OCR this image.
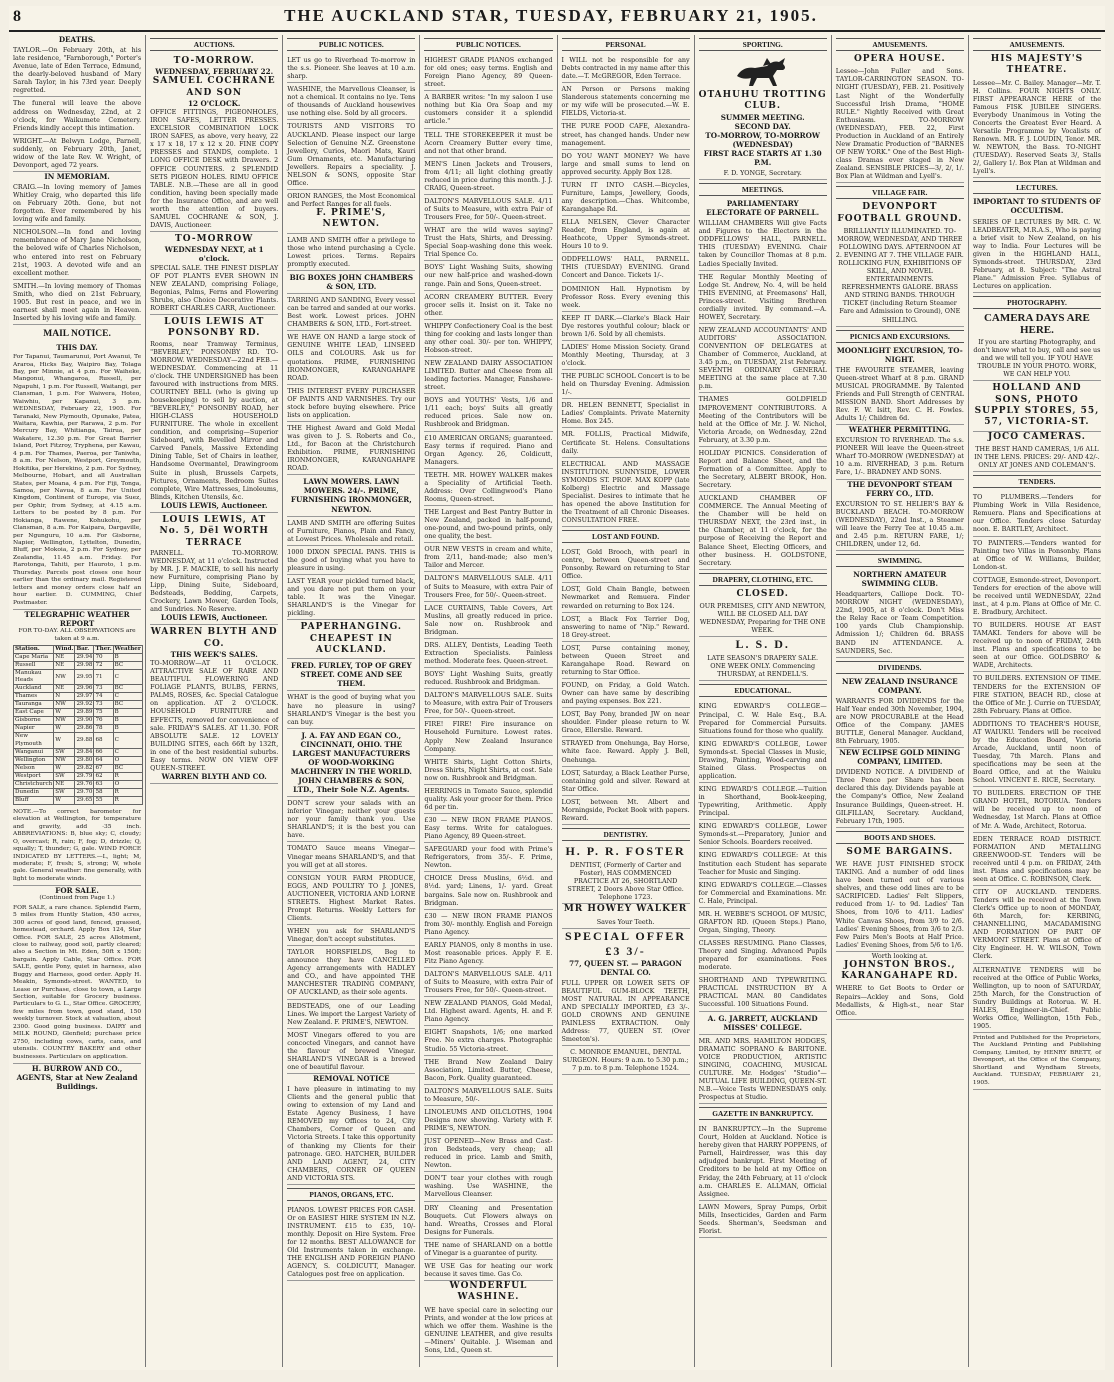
8	THE AUCKLAND STAR, TUESDAY, FEBRUARY 21, 1905.
DEATHS.
TAYLOR.—On February 20th, at his late residence, "Farnborough," Porter's Avenue, late of Eden Terrace, Edmund, the dearly-beloved husband of Mary Sarah Taylor, in his 73rd year. Deeply regretted.
The funeral will leave the above address on Wednesday, 22nd, at 2 o'clock, for Waikumete Cemetery. Friends kindly accept this intimation.
WRIGHT.—At Belwyn Lodge, Parnell, suddenly, on February 20th, Janet, widow of the late Rev. W. Wright, of Devonport, aged 72 years.
IN MEMORIAM.
CRAIG.—In loving memory of James Whitley Craig, who departed this life on February 20th. Gone, but not forgotten. Ever remembered by his loving wife and family.
NICHOLSON.—In fond and loving remembrance of Mary Jane Nicholson, the beloved wife of Charles Nicholson, who entered into rest on February 21st, 1903. A devoted wife and an excellent mother.
SMITH.—In loving memory of Thomas Smith, who died on 21st February, 1905. But rest in peace, and we in earnest shall meet again in Heaven. Inserted by his loving wife and family.
MAIL NOTICE.
THIS DAY.
For Tapanui, Taumarunui, Port Awanui, Te Araroa, Hicks Bay, Waipiro Bay, Tolaga Bay, per Minnie, at 4 p.m. For Waiheke, Mangonui, Whangaroa, Russell, per Ngapuhi, 1 p.m. For Russell, Waitangi, per Clansman, 1 p.m. For Waiwera, Hoteo, Waiwhiu, per Kapanui, 3 p.m. WEDNESDAY, February 22, 1905. For Taranaki, New Plymouth, Opunake, Patea, Waitara, Kawhia, per Rarawa, 2 p.m. For Mercury Bay, Whitianga, Tairua, per Wakatere, 12.30 p.m. For Great Barrier Island, Port Fitzroy, Tryphena, per Kawau, 4 p.m. For Thames, Paeroa, per Taniwha, 8 a.m. For Nelson, Westport, Greymouth, Hokitika, per Herekino, 2 p.m. For Sydney, Melbourne, Hobart, and all Australian States, per Moana, 4 p.m. For Fiji, Tonga, Samoa, per Navua, 8 a.m. For United Kingdom, Continent of Europe, via Suez, per Ophir, from Sydney, at 4.15 a.m. Letters to be posted by 8 p.m. For Hokianga, Rawene, Kohukohu, per Clansman, 8 a.m. For Kaipara, Dargaville, per Ngunguru, 10 a.m. For Gisborne, Napier, Wellington, Lyttelton, Dunedin, Bluff, per Mokoia, 2 p.m. For Sydney, per Zealandia, 11.45 a.m. Friday. For Rarotonga, Tahiti, per Hauroto, 1 p.m. Thursday. Parcels post closes one hour earlier than the ordinary mail. Registered letters and money orders close half an hour earlier. D. CUMMING, Chief Postmaster.
TELEGRAPHIC WEATHER REPORT
FOR TO-DAY. ALL OBSERVATIONS are taken at 9 a.m.
Station.	Wind.	Bar.	Ther.	Weather
Cape Maria	NE	29.94	70	B
Russell	NE	29.98	72	BC
Manukau Heads	NW	29.95	71	C
Auckland	NE	29.96	73	BC
Thames	N	29.97	74	C
Tauranga	NW	29.92	73	BC
East Cape	W	29.89	75	B
Gisborne	NW	29.90	76	B
Napier	W	29.86	78	B
New Plymouth	W	29.88	68	C
Wanganui	SW	29.84	66	C
Wellington	NW	29.80	64	O
Nelson	W	29.82	67	BC
Westport	SW	29.79	62	R
Christchurch	NE	29.76	63	O
Dunedin	SW	29.70	58	R
Bluff	W	29.65	55	R
NOTE.—To correct barometer for elevation at Wellington, for temperature and gravity, add ·35 inch. ABBREVIATIONS: B, blue sky; C, cloudy; O, overcast; R, rain; F, fog; D, drizzle; Q, squally; T, thunder; G, gale. WIND FORCE INDICATED BY LETTERS.—L, light; M, moderate; F, fresh; S, strong; W, whole gale. General weather: fine generally, with light to moderate winds.
FOR SALE.
(Continued from Page 1.)
FOR SALE, a rare chance. Splendid Farm, 5 miles from Huntly Station, 450 acres, 300 acres of good land, fenced, grassed, homestead, orchard. Apply Box 124, Star Office. FOR SALE, 25 acres Allotment, close to railway, good soil, partly cleared; also a Section in Mt. Eden, 50ft x 150ft; bargain. Apply Cable, Star Office. FOR SALE, gentle Pony, quiet in harness, also Buggy and Harness, good order. Apply H. Meakin, Symonds-street. WANTED, to Lease or Purchase, close to town, a Large Section, suitable for Grocery business. Particulars to G. L., Star Office. GROCERY, few miles from town, good stand, 150 weekly turnover. Stock at valuation, about 2300. Good going business. DAIRY and MILK ROUND, Glenfield; purchase price 2750, including cows, carts, cans, and utensils. COUNTRY BAKERY and other businesses. Particulars on application.
H. BURROW AND CO., AGENTS, Star at New Zealand Buildings.
AUCTIONS.
TO-MORROW.
WEDNESDAY, FEBRUARY 22.
SAMUEL COCHRANE AND SON
12 O'CLOCK.
OFFICE FITTINGS, PIGEONHOLES, IRON SAFES, LETTER PRESSES. EXCELSIOR COMBINATION LOCK IRON SAFES, as above, very heavy, 22 x 17 x 18, 17 x 12 x 20. FINE COPY PRESSES and STANDS, complete. 1 LONG OFFICE DESK with Drawers. 2 OFFICE COUNTERS. 2 SPLENDID SETS PIGEON HOLES. RIMU OFFICE TABLE. N.B.—These are all in good condition, having been specially made for the Insurance Office, and are well worth the attention of buyers. SAMUEL COCHRANE & SON, J. DAVIS, Auctioneer.
TO-MORROW
WEDNESDAY NEXT, at 1 o'clock.
SPECIAL SALE. THE FINEST DISPLAY OF POT PLANTS EVER SHOWN IN NEW ZEALAND, comprising Foliage, Begonias, Palms, Ferns and Flowering Shrubs, also Choice Decorative Plants. ROBERT CHARLES CARR, Auctioneer.
LOUIS LEWIS AT PONSONBY RD.
Rooms, near Tramway Terminus, "BEVERLEY," PONSONBY RD. TO-MORROW. WEDNESDAY—22nd FEB.—WEDNESDAY. Commencing at 11 o'clock. THE UNDERSIGNED has been favoured with instructions from MRS. COURTNEY BELL (who is giving up housekeeping) to sell by auction, at "BEVERLEY," PONSONBY ROAD, her HIGH-CLASS HOUSEHOLD FURNITURE. The whole in excellent condition, and comprising—Superior Sideboard, with Bevelled Mirror and Carved Panels, Massive Extending Dining Table, Set of Chairs in leather, Handsome Overmantel, Drawingroom Suite in plush, Brussels Carpets, Pictures, Ornaments, Bedroom Suites complete, Wire Mattresses, Linoleums, Blinds, Kitchen Utensils, &c.
LOUIS LEWIS, Auctioneer.
LOUIS LEWIS, AT No. 5, Dël WORTH TERRACE
PARNELL. TO-MORROW. WEDNESDAY, at 11 o'clock. Instructed by MR. J. F. MACKIE, to sell his nearly new Furniture, comprising Piano by Lipp, Dining Suite, Sideboard, Bedsteads, Bedding, Carpets, Crockery, Lawn Mower, Garden Tools, and Sundries. No Reserve.
LOUIS LEWIS, Auctioneer.
WARREN BLYTH AND CO.
THIS WEEK'S SALES.
TO-MORROW—AT 11 O'CLOCK. ATTRACTIVE SALE OF RARE AND BEAUTIFUL FLOWERING AND FOLIAGE PLANTS, BULBS, FERNS, PALMS, ROSES, &c. Special Catalogue on application. AT 2 O'CLOCK. HOUSEHOLD FURNITURE and EFFECTS, removed for convenience of sale. FRIDAY'S SALES. AT 11.30. FOR ABSOLUTE SALE. 12 LOVELY BUILDING SITES, each 66ft by 132ft, in one of the best residential suburbs. Easy terms. NOW ON VIEW OFF QUEEN-STREET.
WARREN BLYTH AND CO.
PUBLIC NOTICES.
LET us go to Riverhead To-morrow in the s.s. Pioneer. She leaves at 10 a.m. sharp.
WASHINE, the Marvellous Cleanser, is not a chemical. It contains no lye. Tens of thousands of Auckland housewives use nothing else. Sold by all grocers.
TOURISTS AND VISITORS TO AUCKLAND. Please inspect our large Selection of Genuine N.Z. Greenstone Jewellery, Curios, Maori Mats, Kauri Gum Ornaments, etc. Manufacturing Jewellers. Repairs a speciality. J. NELSON & SONS, opposite Star Office.
ORION RANGES, the Most Economical and Perfect Ranges for all fuels.
F. PRIME'S, NEWTON.
LAMB AND SMITH offer a privilege to those who intend purchasing a Cycle. Lowest prices. Terms. Repairs promptly executed.
BIG BOXES JOHN CHAMBERS & SON, LTD.
TARRING AND SANDING, Every vessel can be tarred and sanded at our works. Best work. Lowest prices. JOHN CHAMBERS & SON, LTD., Fort-street.
WE HAVE ON HAND a large stock of GENUINE WHITE LEAD, LINSEED OILS and COLOURS. Ask us for quotations. PRIME, FURNISHING IRONMONGER, KARANGAHAPE ROAD.
THIS INTEREST EVERY PURCHASER OF PAINTS AND VARNISHES. Try our stock before buying elsewhere. Price lists on application.
THE Highest Award and Gold Medal was given to J. S. Roberts and Co., Ltd., for Bacon at the Christchurch Exhibition. PRIME, FURNISHING IRONMONGER, KARANGAHAPE ROAD.
LAWN MOWERS. LAWN MOWERS. 24/-. PRIME, FURNISHING IRONMONGER, NEWTON.
LAMB AND SMITH are offering Suites of Furniture, Pianos, Plain and Fancy, at Lowest Prices. Wholesale and retail.
1000 DIXON SPECIAL PANS. THIS is the good of buying what you have to pleasure in using.
LAST YEAR your pickled turned black, and you dare not put them on your table. It was the Vinegar. SHARLAND'S is the Vinegar for pickling.
PAPERHANGING. CHEAPEST IN AUCKLAND.
FRED. FURLEY, TOP OF GREY STREET. COME AND SEE THEM.
WHAT is the good of buying what you have no pleasure in using? SHARLAND'S Vinegar is the best you can buy.
J. A. FAY AND EGAN CO., CINCINNATI, OHIO. THE LARGEST MANUFACTURERS OF WOOD-WORKING MACHINERY IN THE WORLD. JOHN CHAMBERS & SON, LTD., Their Sole N.Z. Agents.
DON'T screw your salads with an inferior Vinegar; neither your guests nor your family thank you. Use SHARLAND'S; it is the best you can have.
TOMATO Sauce means Vinegar—Vinegar means SHARLAND'S, and that you will get at all stores.
CONSIGN YOUR FARM PRODUCE, EGGS, AND POULTRY TO J. JONES, AUCTIONEER, VICTORIA AND LORNE STREETS. Highest Market Rates. Prompt Returns. Weekly Letters for Clients.
WHEN you ask for SHARLAND'S Vinegar, don't accept substitutes.
TAYLOR HORSFIELDS, Beg to announce they have CANCELLED Agency arrangements with HADLEY and CO., and have appointed THE MANCHESTER TRADING COMPANY, OF AUCKLAND, as their sole agents.
BEDSTEADS, one of our Leading Lines. We import the Largest Variety of New Zealand. F. PRIME'S, NEWTON.
MOST Vinegars offered to you are concocted Vinegars, and cannot have the flavour of brewed Vinegar. SHARLAND'S VINEGAR is a brewed one of beautiful flavour.
REMOVAL NOTICE
I have pleasure in intimating to my Clients and the general public that owing to extension of my Land and Estate Agency Business, I have REMOVED my Offices to 24, City Chambers, Corner of Queen and Victoria Streets. I take this opportunity of thanking my Clients for their patronage. GEO. HATCHER, BUILDER AND LAND AGENT, 24, CITY CHAMBERS, CORNER OF QUEEN AND VICTORIA STS.
PIANOS, ORGANS, ETC.
PIANOS. LOWEST PRICES FOR CASH. Or on EASIEST HIRE SYSTEM IN N.Z. INSTRUMENT. £15 to £35, 10/- monthly. Deposit on Hire System. Free for 12 months. BEST ALLOWANCE for Old Instruments taken in exchange. THE ENGLISH AND FOREIGN PIANO AGENCY, S. COLDICUTT, Manager. Catalogues post free on application.
PUBLIC NOTICES.
HIGHEST GRADE PIANOS exchanged for old ones; easy terms. English and Foreign Piano Agency, 89 Queen-street.
A BARBER writes: "In my saloon I use nothing but Kia Ora Soap and my customers consider it a splendid article."
TELL THE STOREKEEPER it must be Acorn Creamery Butter every time, and not that other brand.
MEN'S Linen Jackets and Trousers, from 4/11; all light clothing greatly reduced in price during this month. J. J. CRAIG, Queen-street.
DALTON'S MARVELLOUS SALE. 4/11 of Suits to Measure, with extra Pair of Trousers Free, for 50/-. Queen-street.
WHAT are the wild waves saying? Trust the Hats, Shirts, and Dressing. Special Soap-washing done this week. Trial Spence Co.
BOYS' Light Washing Suits, showing our new half-price and washed-down range. Pain and Sons, Queen-street.
ACORN CREAMERY BUTTER. Every grocer sells it. Insist on it. Take no other.
WHIPPY Confectionery Coal is the best thing for cooking and lasts longer than any other coal. 30/- per ton. WHIPPY, Hobson-street.
NEW ZEALAND DAIRY ASSOCIATION LIMITED. Butter and Cheese from all leading factories. Manager, Fanshawe-street.
BOYS and YOUTHS' Vests, 1/6 and 1/11 each; boys' Suits all greatly reduced prices. Sale now on. Rushbrook and Bridgman.
£10 AMERICAN ORGANS; guaranteed. Easy terms if required. Piano and Organ Agency. 26, Coldicutt, Managers.
TEETH. MR. HOWEY WALKER makes a Speciality of Artificial Teeth. Address: Over Collingwood's Piano Rooms, Queen-street.
THE Largest and Best Pantry Butter in New Zealand, packed in half-pound, one-pound, and two-pound prints, only one quality, the best.
OUR NEW VESTS in cream and white, from 2/11, hand-made; also men's Tailor and Mercer.
DALTON'S MARVELLOUS SALE. 4/11 of Suits to Measure, with extra Pair of Trousers Free, for 50/-. Queen-street.
LACE CURTAINS, Table Covers, Art Muslins, all greatly reduced in price. Sale now on. Rushbrook and Bridgman.
DRS. ALLEY, Dentists, Leading Teeth Extraction Specialists. Painless method. Moderate fees. Queen-street.
BOYS' Light Washing Suits, greatly reduced. Rushbrook and Bridgman.
DALTON'S MARVELLOUS SALE. Suits to Measure, with extra Pair of Trousers Free, for 50/-. Queen-street.
FIRE! FIRE! Fire insurance on Household Furniture. Lowest rates. Apply New Zealand Insurance Company.
WHITE Shirts, Light Cotton Shirts, Dress Shirts, Night Shirts, at cost. Sale now on. Rushbrook and Bridgman.
HERRINGS in Tomato Sauce, splendid quality. Ask your grocer for them. Price 6d per tin.
£30 — NEW IRON FRAME PIANOS. Easy terms. Write for catalogues. Piano Agency, 89 Queen-street.
SAFEGUARD your food with Prime's Refrigerators, from 35/-. F. Prime, Newton.
CHOICE Dress Muslins, 6½d. and 8½d. yard; Linens, 1/- yard. Great bargains. Sale now on. Rushbrook and Bridgman.
£30 — NEW IRON FRAME PIANOS from 30/- monthly. English and Foreign Piano Agency.
EARLY PIANOS, only 8 months in use. Most reasonable prices. Apply F. E. Fitz Piano Agency.
DALTON'S MARVELLOUS SALE. 4/11 of Suits to Measure, with extra Pair of Trousers Free, for 50/-. Queen-street.
NEW ZEALAND PIANOS, Gold Medal, Ltd. Highest award. Agents, H. and F. Piano Agency.
EIGHT Snapshots, 1/6; one marked Free. No extra charges. Photographic Studio. 55 Victoria-street.
THE Brand New Zealand Dairy Association, Limited. Butter, Cheese, Bacon, Pork. Quality guaranteed.
DALTON'S MARVELLOUS SALE. Suits to Measure, 50/-.
LINOLEUMS AND OILCLOTHS, 1904 Designs now showing. Variety with F. PRIME'S, NEWTON.
JUST OPENED—New Brass and Cast-iron Bedsteads, very cheap; all reduced in price. Lamb and Smith, Newton.
DON'T tear your clothes with rough washing. Use WASHINE, the Marvellous Cleanser.
DRY Cleaning and Presentation Bouquets. Cut Flowers always on hand. Wreaths, Crosses and Floral Designs for Funerals.
THE name of SHARLAND on a bottle of Vinegar is a guarantee of purity.
WE USE Gas for heating our work because it saves time. Gas Co.
WONDERFUL WASHINE.
WE have special care in selecting our Prints, and wonder at the low prices at which we offer them. Washine is the GENUINE LEATHER, and give results—Miners' Quitable. J. Wiseman and Sons, Ltd., Queen st.
PERSONAL
I WILL not be responsible for any Debts contracted in my name after this date.—T. McGREGOR, Eden Terrace.
AN Person or Persons making Slanderous statements concerning me or my wife will be prosecuted.—W. E. FIELDS, Victoria-st.
THE PURE FOOD CAFE, Alexandra-street, has changed hands. Under new management.
DO YOU WANT MONEY? We have large and small sums to lend on approved security. Apply Box 128.
TURN IT INTO CASH.—Bicycles, Furniture, Lamps, Jewellery, Goods, any description.—Chas. Whitcombe, Karangahape Rd.
ELLA NELSEN, Clever Character Reader, from England, is again at Heathcote, Upper Symonds-street. Hours 10 to 9.
ODDFELLOWS' HALL, PARNELL. THIS (TUESDAY) EVENING. Grand Concert and Dance. Tickets 1/-.
DOMINION Hall. Hypnotism by Professor Ross. Every evening this week.
KEEP IT DARK.—Clarke's Black Hair Dye restores youthful colour; black or brown 1/6. Sold by all chemists.
LADIES' Home Mission Society. Grand Monthly Meeting, Thursday, at 3 o'clock.
THE PUBLIC SCHOOL Concert is to be held on Thursday Evening. Admission 1/-.
DR. HELEN BENNETT, Specialist in Ladies' Complaints. Private Maternity Home. Box 245.
MR. FOLLIS, Practical Midwife, Certificate St. Helens. Consultations daily.
ELECTRICAL AND MASSAGE INSTITUTION. SUNNYSIDE, LOWER SYMONDS ST. PROF. MAX KOPP (late Kolberg) Electric and Massage Specialist. Desires to intimate that he has opened the above Institution for the Treatment of all Chronic Diseases. CONSULTATION FREE.
LOST AND FOUND.
LOST, Gold Brooch, with pearl in centre, between Queen-street and Ponsonby. Reward on returning to Star Office.
LOST, Gold Chain Bangle, between Newmarket and Remuera. Finder rewarded on returning to Box 124.
LOST, a Black Fox Terrier Dog, answering to name of "Nip." Reward. 18 Grey-street.
LOST, Purse containing money, between Queen Street and Karangahape Road. Reward on returning to Star Office.
FOUND, on Friday, a Gold Watch. Owner can have same by describing and paying expenses. Box 221.
LOST, Bay Pony, branded JW on near shoulder. Finder please return to W. Grace, Ellerslie. Reward.
STRAYED from Onehunga, Bay Horse, white face. Reward. Apply J. Bell, Onehunga.
LOST, Saturday, a Black Leather Purse, containing gold and silver. Reward at Star Office.
LOST, between Mt. Albert and Morningside, Pocket Book with papers. Reward.
DENTISTRY.
H. P. R. FOSTER
DENTIST, (Formerly of Carter and Foster), HAS COMMENCED PRACTICE AT 26, SHORTLAND STREET, 2 Doors Above Star Office. Telephone 1723.
MR HOWEY WALKER
Saves Your Teeth.
SPECIAL OFFER
£3 3/-
77, QUEEN ST. — PARAGON DENTAL CO.
FULL UPPER OR LOWER SETS OF BEAUTIFUL GUM-BLOCK TEETH, MOST NATURAL IN APPEARANCE AND SPECIALLY IMPORTED, £3 3/-. GOLD CROWNS AND GENUINE PAINLESS EXTRACTION. Only Address: 77, QUEEN ST. (Over Smeeton's).
C. MONROE EMANUEL, DENTAL SURGEON. Hours: 9 a.m. to 5.30 p.m.; 7 p.m. to 8 p.m. Telephone 1524.
SPORTING.
OTAHUHU TROTTING CLUB.
SUMMER MEETING.
SECOND DAY.
TO-MORROW, TO-MORROW (WEDNESDAY)
FIRST RACE STARTS AT 1.30 P.M.
F. D. YONGE, Secretary.
MEETINGS.
PARLIAMENTARY ELECTORATE OF PARNELL.
WILLIAM CHAMBERS Will give Facts and Figures to the Electors in the ODDFELLOWS' HALL, PARNELL. THIS (TUESDAY) EVENING. Chair taken by Councillor Thomas at 8 p.m. Ladies Specially Invited.
THE Regular Monthly Meeting of Lodge St. Andrew, No. 4, will be held THIS EVENING, at Freemasons' Hall, Princes-street. Visiting Brethren cordially invited. By command.—A. HOWEY, Secretary.
NEW ZEALAND ACCOUNTANTS' AND AUDITORS' ASSOCIATION. CONVENTION OF DELEGATES at Chamber of Commerce, Auckland, at 3.45 p.m., on TUESDAY, 21st February. SEVENTH ORDINARY GENERAL MEETING at the same place at 7.30 p.m.
THAMES GOLDFIELD IMPROVEMENT CONTRIBUTORS. A Meeting of the Contributors will be held at the Office of Mr. J. W. Nichol, Victoria Arcade, on Wednesday, 22nd February, at 3.30 p.m.
HOLIDAY PICNICS. Consideration of Report and Balance Sheet, and the Formation of a Committee. Apply to the Secretary, ALBERT BROOK, Hon. Secretary.
AUCKLAND CHAMBER OF COMMERCE. The Annual Meeting of the Chamber will be held on THURSDAY NEXT, the 23rd inst., in the Chamber, at 11 o'clock, for the purpose of Receiving the Report and Balance Sheet, Electing Officers, and other business. H. GOLDSTONE, Secretary.
DRAPERY, CLOTHING, ETC.
CLOSED.
OUR PREMISES, CITY AND NEWTON, WILL BE CLOSED ALL DAY WEDNESDAY, Preparing for THE ONE WEEK.
L. S. D.
LATE SEASON'S DRAPERY SALE. ONE WEEK ONLY. Commencing THURSDAY, at RENDELL'S.
EDUCATIONAL.
KING EDWARD'S COLLEGE—Principal, C. W. Hale Esq., B.A. Prepared for Commercial Pursuits. Situations found for those who qualify.
KING EDWARD'S COLLEGE, Lower Symonds-st. Special Classes in Music, Drawing, Painting, Wood-carving and Stained Glass. Prospectus on application.
KING EDWARD'S COLLEGE.—Tuition in Shorthand, Book-keeping, Typewriting, Arithmetic. Apply Principal.
KING EDWARD'S COLLEGE, Lower Symonds-st.—Preparatory, Junior and Senior Schools. Boarders received.
KING EDWARD'S COLLEGE: At this Institution each Student has separate Teacher for Music and Singing.
KING EDWARD'S COLLEGE.—Classes for Commercial and Examinations. Mr. C. Hale, Principal.
MR. H. WEBBE'S SCHOOL OF MUSIC, GRAFTON RD. (Queen Steps.) Piano, Organ, Singing, Theory.
CLASSES RESUMING. Piano Classes, Theory and Singing. Advanced Pupils prepared for examinations. Fees moderate.
SHORTHAND AND TYPEWRITING. PRACTICAL INSTRUCTION BY A PRACTICAL MAN. 80 Candidates Successful. 100 Situations Found.
A. G. JARRETT, AUCKLAND MISSES' COLLEGE.
MR. AND MRS. HAMILTON HODGES, DRAMATIC SOPRANO & BARITONE. VOICE PRODUCTION, ARTISTIC SINGING, COACHING, MUSICAL CULTURE. Mr. Hodges' "Studio"—MUTUAL LIFE BUILDING, QUEEN-ST. N.B.—Voice Tests WEDNESDAYS only. Prospectus at Studio.
GAZETTE IN BANKRUPTCY.
IN BANKRUPTCY.—In the Supreme Court, Holden at Auckland. Notice is hereby given that HARRY POPPENS, of Parnell, Hairdresser, was this day adjudged bankrupt. First Meeting of Creditors to be held at my Office on Friday, the 24th February, at 11 o'clock a.m. CHARLES E. ALLMAN, Official Assignee.
LAWN Mowers, Spray Pumps, Orbit Mills, Insecticides, Garden and Farm Seeds. Sherman's, Seedsman and Florist.
AMUSEMENTS.
OPERA HOUSE.
Lessee—John Fuller and Sons. TAYLOR-CARRINGTON SEASON. TO-NIGHT (TUESDAY), FEB. 21. Positively Last Night of the Wonderfully Successful Irish Drama, "HOME RULE." Nightly Received with Great Enthusiasm. TO-MORROW (WEDNESDAY), FEB. 22, First Production in Auckland of an Entirely New Dramatic Production of "BARNES OF NEW YORK." One of the Best High-class Dramas ever staged in New Zealand. SENSIBLE PRICES—3/, 2/, 1/. Box Plan at Wildman and Lyell's.
VILLAGE FAIR.
DEVONPORT FOOTBALL GROUND.
BRILLIANTLY ILLUMINATED. TO-MORROW, WEDNESDAY, AND THREE FOLLOWING DAYS. AFTERNOON AT 2. EVENING AT 7. THE VILLAGE FAIR. ROLLICKING FUN, EXHIBITIONS OF SKILL, AND NOVEL ENTERTAINMENTS. REFRESHMENTS GALORE. BRASS AND STRING BANDS. THROUGH TICKET (including Return Steamer Fare and Admission to Ground), ONE SHILLING.
PICNICS AND EXCURSIONS.
MOONLIGHT EXCURSION, TO-NIGHT.
THE FAVOURITE STEAMER, leaving Queen-street Wharf at 8 p.m. GRAND MUSICAL PROGRAMME. By Talented Friends and Full Strength of CENTRAL MISSION BAND. Short Addresses by Rev. F. W. Isitt, Rev. C. H. Fowles. Adults 1/; Children 6d.
WEATHER PERMITTING.
EXCURSION TO RIVERHEAD. The s.s. PIONEER Will leave the Queen-street Wharf TO-MORROW (WEDNESDAY) at 10 a.m. RIVERHEAD, 3 p.m. Return Fare, 1/-. BRADNEY AND SONS.
THE DEVONPORT STEAM FERRY CO., LTD.
EXCURSION TO ST. HELIER'S BAY & BUCKLAND BEACH. TO-MORROW (WEDNESDAY), 22nd Inst., a Steamer will leave the Ferry Tee at 10.45 a.m. and 2.45 p.m. RETURN FARE, 1/; CHILDREN, under 12, 6d.
SWIMMING.
NORTHERN AMATEUR SWIMMING CLUB.
Headquarters, Calliope Dock. TO-MORROW NIGHT (WEDNESDAY), 22nd, 1905, at 8 o'clock. Don't Miss the Relay Race or Team Competition. 100 yards Club Championship. Admission 1/; Children 6d. BRASS BAND IN ATTENDANCE. A. SAUNDERS, Sec.
DIVIDENDS.
NEW ZEALAND INSURANCE COMPANY.
WARRANTS FOR DIVIDENDS for the Half Year ended 30th November, 1904, are NOW PROCURABLE at the Head Office of the Company. JAMES BUTTLE, General Manager. Auckland, 8th February, 1905.
NEW ECLIPSE GOLD MINING COMPANY, LIMITED.
DIVIDEND NOTICE. A DIVIDEND of Three Pence per Share has been declared this day. Dividends payable at the Company's Office, New Zealand Insurance Buildings, Queen-street. H. GILFILLAN, Secretary. Auckland, February 17th, 1905.
BOOTS AND SHOES.
SOME BARGAINS.
WE HAVE JUST FINISHED STOCK TAKING. And a number of odd lines have been turned out of various shelves, and these odd lines are to be SACRIFICED. Ladies' Felt Slippers, reduced from 1/- to 9d. Ladies' Tan Shoes, from 10/6 to 4/11. Ladies' White Canvas Shoes, from 3/9 to 2/6. Ladies' Evening Shoes, from 3/6 to 2/3. Few Pairs Men's Boots at Half Price. Ladies' Evening Shoes, from 5/6 to 1/6.
Worth looking at.
JOHNSTON BROS., KARANGAHAPE RD.
WHERE to Get Boots to Order or Repairs—Ackley and Sons, Gold Medallists, & High-st., near Star Office.
AMUSEMENTS.
HIS MAJESTY'S THEATRE.
Lessee—Mr. C. Bailey. Manager—Mr. T. H. Collins. FOUR NIGHTS ONLY. FIRST APPEARANCE HERE of the Famous FISK JUBILEE SINGERS. Everybody Unanimous in Voting the Concerts the Greatest Ever Heard. A Versatile Programme by Vocalists of Renown. MR. F. J. LOUDIN, Tenor. MR. W. NEWTON, the Bass. TO-NIGHT (TUESDAY). Reserved Seats 3/, Stalls 2/, Gallery 1/. Box Plan at Wildman and Lyell's.
LECTURES.
IMPORTANT TO STUDENTS OF OCCULTISM.
SERIES OF LECTURES By MR. C. W. LEADBEATER, M.R.A.S., Who is paying a brief visit to New Zealand, on his way to India. Four Lectures will be given in the HIGHLAND HALL, Symonds-street. THURSDAY, 23rd February, at 8. Subject: "The Astral Plane." Admission Free. Syllabus of Lectures on application.
PHOTOGRAPHY.
CAMERA DAYS ARE HERE.
If you are starting Photography, and don't know what to buy, call and see us and we will tell you. IF YOU HAVE TROUBLE IN YOUR PHOTO. WORK, WE CAN HELP YOU.
HOLLAND AND SONS, PHOTO SUPPLY STORES, 55, 57, VICTORIA-ST.
JOCO CAMERAS.
THE BEST HAND CAMERAS, 1/6 ALL IN THE LENS. PRICES: 29/- AND 42/-. ONLY AT JONES AND COLEMAN'S.
TENDERS.
TO PLUMBERS.—Tenders for Plumbing Work in Villa Residence, Remuera. Plans and Specifications at our Office. Tenders close Saturday noon. E. BARTLEY, Architect.
TO PAINTERS.—Tenders wanted for Painting two Villas in Ponsonby. Plans at Office of W. Williams, Builder, London-st.
COTTAGE, Esmonde-street, Devonport. Tenders for erection of the above will be received until WEDNESDAY, 22nd inst., at 4 p.m. Plans at Office of Mr. C. E. Bradbury, Architect.
TO BUILDERS. HOUSE AT EAST TAMAKI. Tenders for above will be received up to noon of FRIDAY, 24th inst. Plans and specifications to be seen at our Office. GOLDSBRO' & WADE, Architects.
TO BUILDERS. EXTENSION OF TIME. TENDERS for the EXTENSION OF FIRE STATION, BEACH RD., close at the Office of Mr. J. Currie on TUESDAY, 28th February. Plans at Office.
ADDITIONS TO TEACHER'S HOUSE, AT WAIUKU. Tenders will be received by the Education Board, Victoria Arcade, Auckland, until noon of Tuesday, 7th March. Plans and specifications may be seen at the Board Office, and at the Waiuku School. VINCENT E. RICE, Secretary.
TO BUILDERS. ERECTION OF THE GRAND HOTEL, ROTORUA. Tenders will be received up to noon of Wednesday, 1st March. Plans at Office of Mr. A. Wade, Architect, Rotorua.
EDEN TERRACE ROAD DISTRICT. FORMATION AND METALLING GREENWOOD-ST. Tenders will be received until 4 p.m. on FRIDAY, 24th inst. Plans and specifications may be seen at Office. C. ROBINSON, Clerk.
CITY OF AUCKLAND. TENDERS. Tenders will be received at the Town Clerk's Office up to noon of MONDAY, 6th March, for: KERBING, CHANNELLING, MACADAMISING AND FORMATION OF PART OF VERMONT STREET. Plans at Office of City Engineer. H. W. WILSON, Town Clerk.
ALTERNATIVE TENDERS will be received at the Office of Public Works, Wellington, up to noon of SATURDAY, 25th March, for the Construction of Sundry Buildings at Rotorua. W. H. HALES, Engineer-in-Chief. Public Works Office, Wellington, 15th Feb., 1905.
Printed and Published for the Proprietors, The Auckland Printing and Publishing Company, Limited, by HENRY BRETT, of Devonport, at the Office of the Company, Shortland and Wyndham Streets, Auckland. TUESDAY, FEBRUARY 21, 1905.
